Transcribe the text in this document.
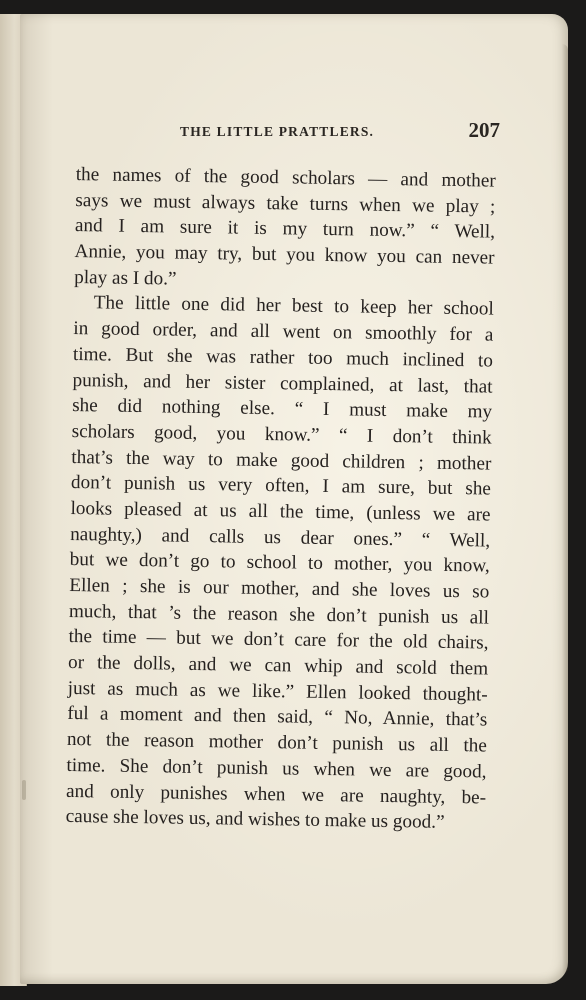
THE LITTLE PRATTLERS.	207
the names of the good scholars — and mother
says we must always take turns when we play ;
and I am sure it is my turn now.” “ Well,
Annie, you may try, but you know you can never
play as I do.”
The little one did her best to keep her school
in good order, and all went on smoothly for a
time. But she was rather too much inclined to
punish, and her sister complained, at last, that
she did nothing else. “ I must make my
scholars good, you know.” “ I don’t think
that’s the way to make good children ; mother
don’t punish us very often, I am sure, but she
looks pleased at us all the time, (unless we are
naughty,) and calls us dear ones.” “ Well,
but we don’t go to school to mother, you know,
Ellen ; she is our mother, and she loves us so
much, that ’s the reason she don’t punish us all
the time — but we don’t care for the old chairs,
or the dolls, and we can whip and scold them
just as much as we like.” Ellen looked thought-
ful a moment and then said, “ No, Annie, that’s
not the reason mother don’t punish us all the
time. She don’t punish us when we are good,
and only punishes when we are naughty, be-
cause she loves us, and wishes to make us good.”
